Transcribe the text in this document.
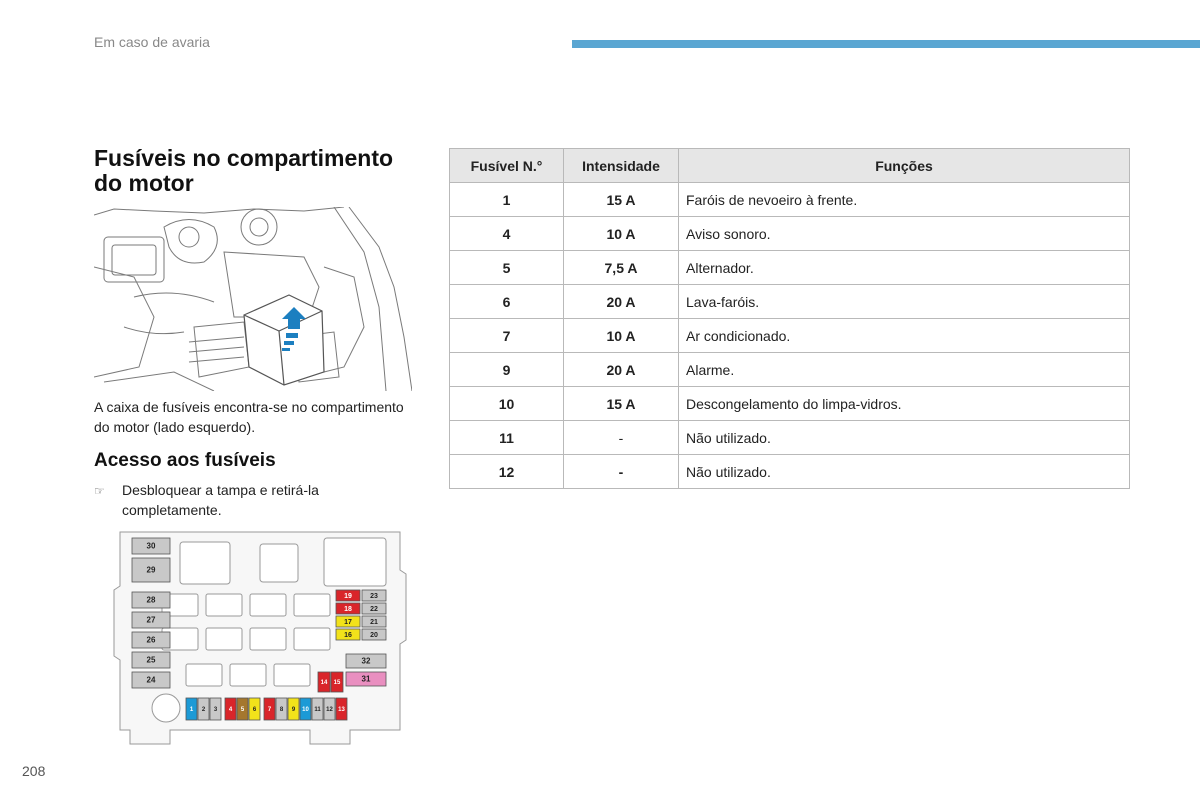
Em caso de avaria
Fusíveis no compartimento do motor
A caixa de fusíveis encontra-se no compartimento do motor (lado esquerdo).
Acesso aos fusíveis
☞	Desbloquear a tampa e retirá-la completamente.
30
29
28
27
26
25
24
19	23
18	22
17	21
16	20
32
14 15	31
1 2 3 4 5 6 7 8 9 10 11 12 13
Fusível N.°	Intensidade	Funções
1	15 A	Faróis de nevoeiro à frente.
4	10 A	Aviso sonoro.
5	7,5 A	Alternador.
6	20 A	Lava-faróis.
7	10 A	Ar condicionado.
9	20 A	Alarme.
10	15 A	Descongelamento do limpa-vidros.
11	-	Não utilizado.
12	-	Não utilizado.
208
